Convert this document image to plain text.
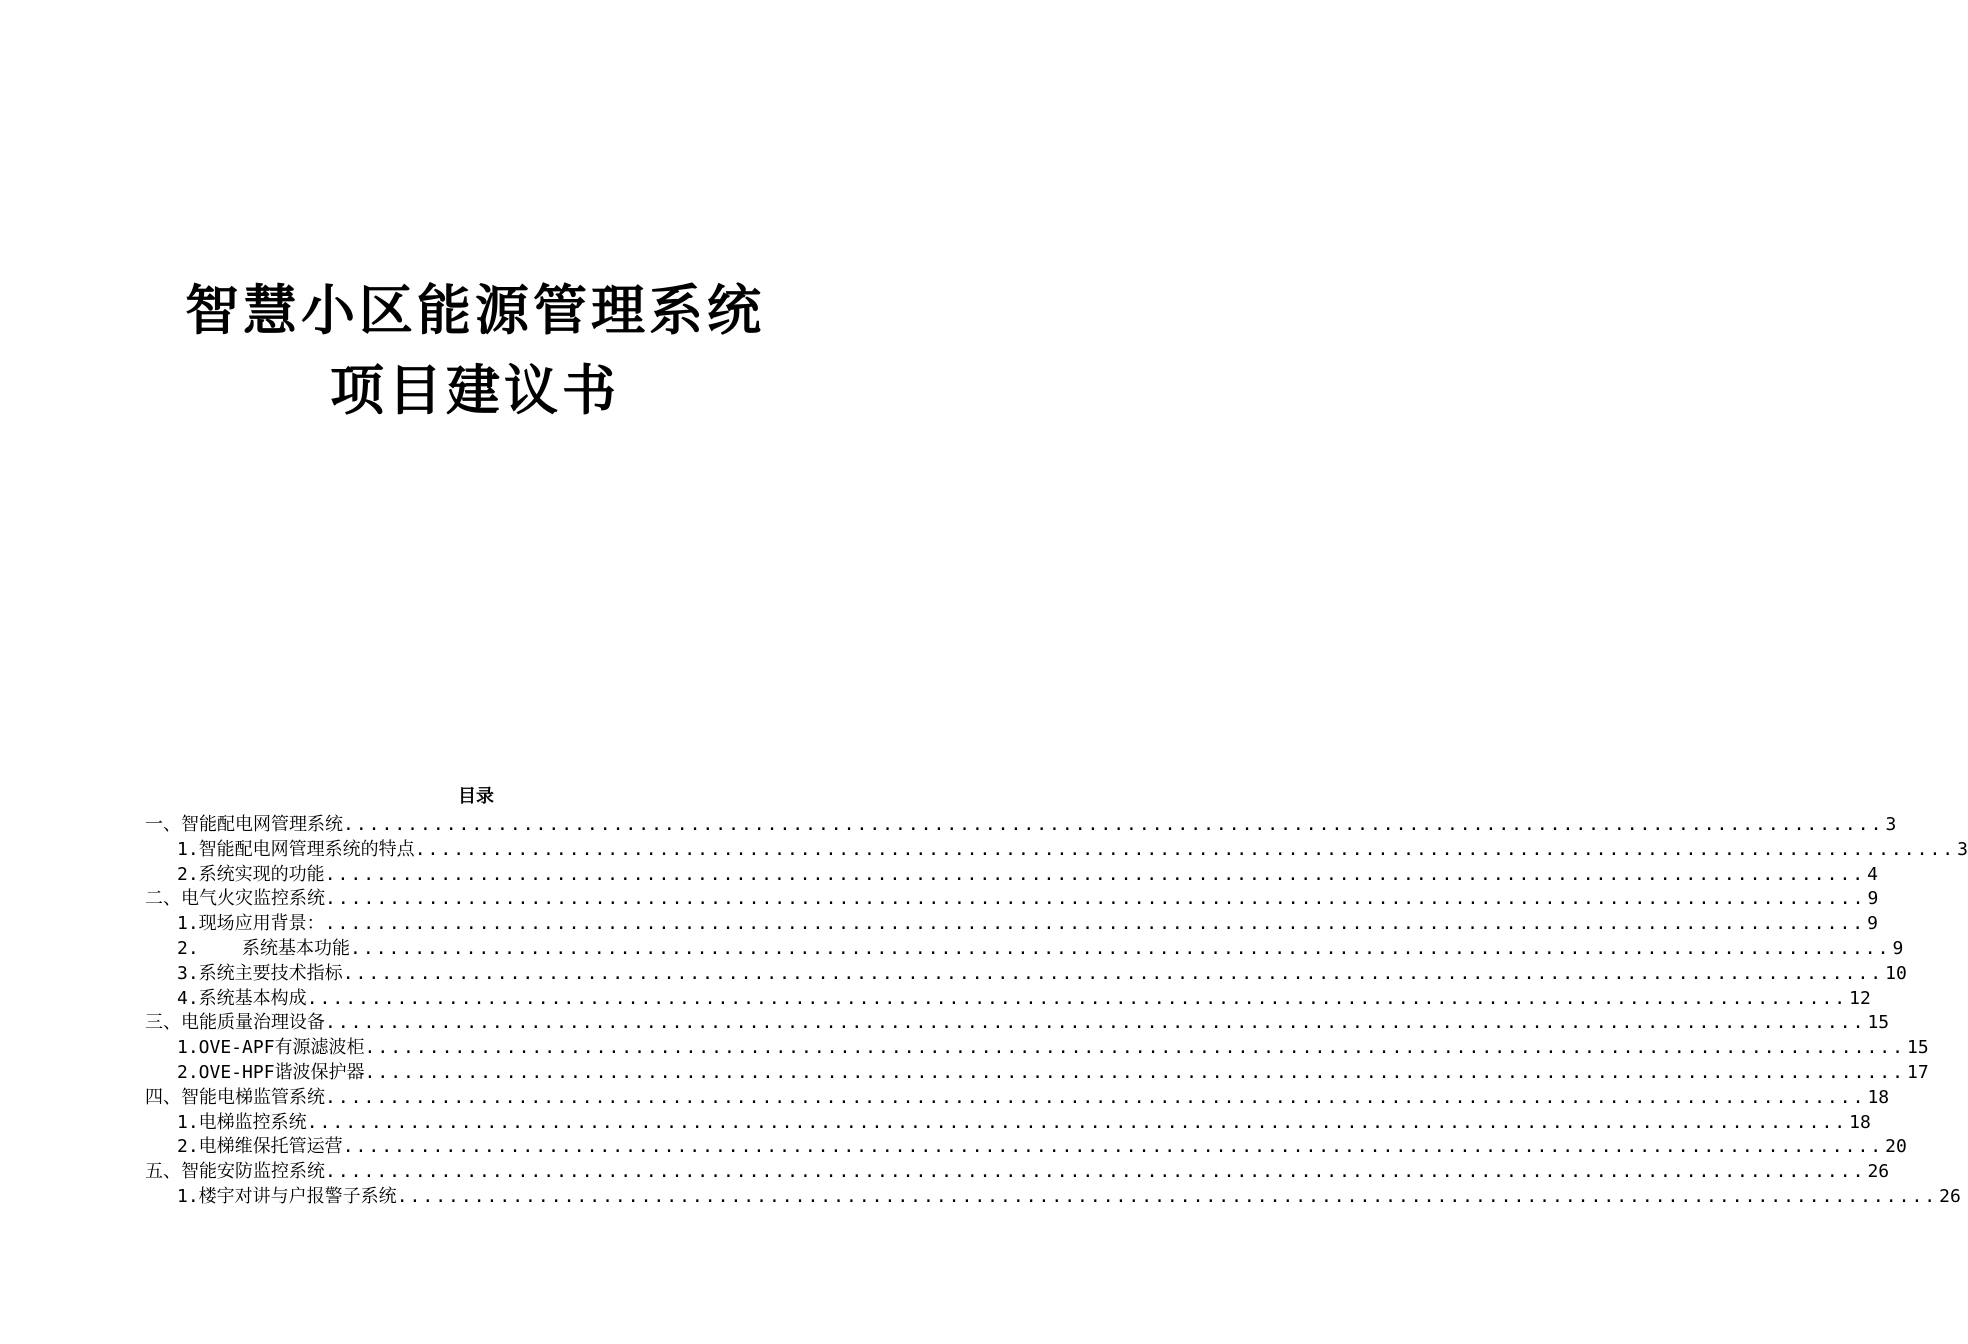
智慧小区能源管理系统
项目建议书
目录
一、智能配电网管理系统 ........................................................................................................................ 3
1.智能配电网管理系统的特点 ........................................................................................................................ 3
2.系统实现的功能 ........................................................................................................................ 4
二、电气火灾监控系统 ........................................................................................................................ 9
1.现场应用背景： ........................................................................................................................ 9
2.    系统基本功能 ........................................................................................................................ 9
3.系统主要技术指标 ........................................................................................................................ 10
4.系统基本构成 ........................................................................................................................ 12
三、电能质量治理设备 ........................................................................................................................ 15
1.OVE-APF有源滤波柜 ........................................................................................................................ 15
2.OVE-HPF谐波保护器 ........................................................................................................................ 17
四、智能电梯监管系统 ........................................................................................................................ 18
1.电梯监控系统 ........................................................................................................................ 18
2.电梯维保托管运营 ........................................................................................................................ 20
五、智能安防监控系统 ........................................................................................................................ 26
1.楼宇对讲与户报警子系统 ........................................................................................................................ 26
